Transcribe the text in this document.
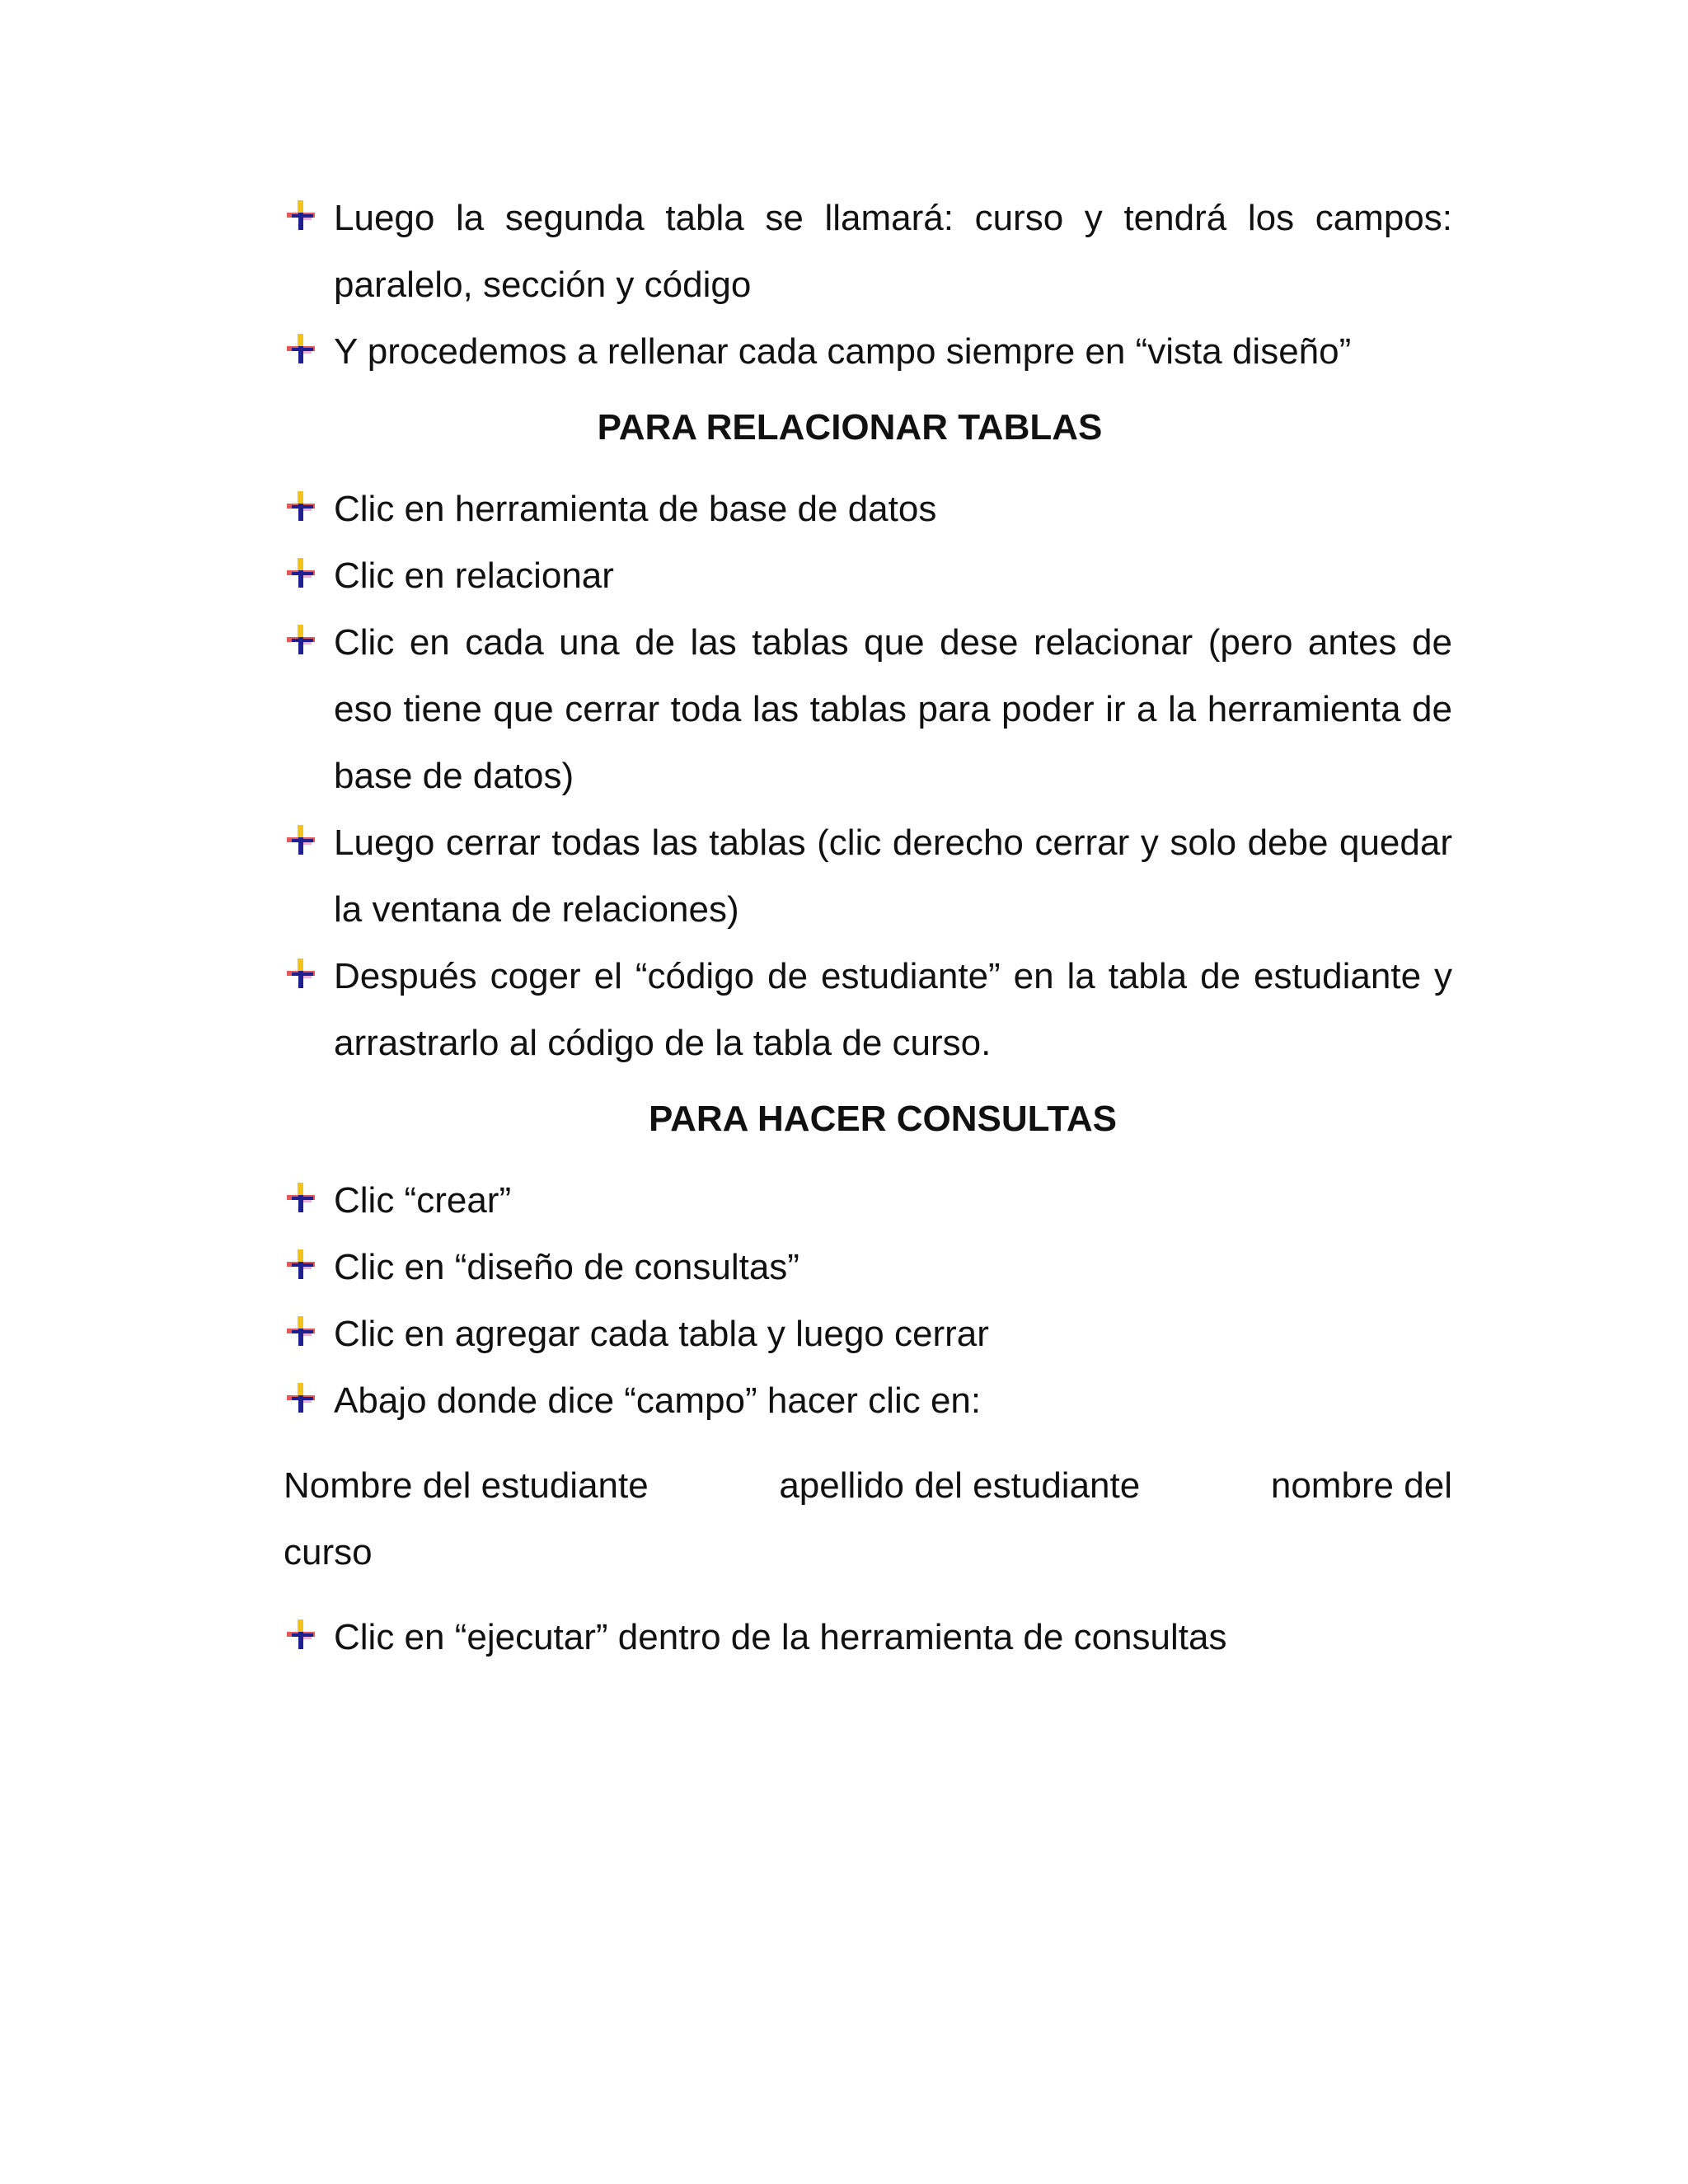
Luego la segunda tabla se llamará: curso y tendrá los campos: paralelo, sección y código
Y procedemos a rellenar cada campo siempre en “vista diseño”
PARA RELACIONAR TABLAS
Clic en herramienta de base de datos
Clic en relacionar
Clic en cada una de las tablas que dese relacionar (pero antes de eso tiene que cerrar toda las tablas para poder ir a la herramienta de base de datos)
Luego cerrar todas las tablas (clic derecho cerrar y solo debe quedar la ventana de relaciones)
Después coger el “código de estudiante” en la tabla de estudiante y arrastrarlo al código de la tabla de curso.
PARA HACER CONSULTAS
Clic “crear”
Clic en “diseño de consultas”
Clic en agregar cada tabla y luego cerrar
Abajo donde dice “campo” hacer clic en:
Nombre del estudiante	apellido del estudiante	nombre del
curso
Clic en “ejecutar” dentro de la herramienta de consultas
